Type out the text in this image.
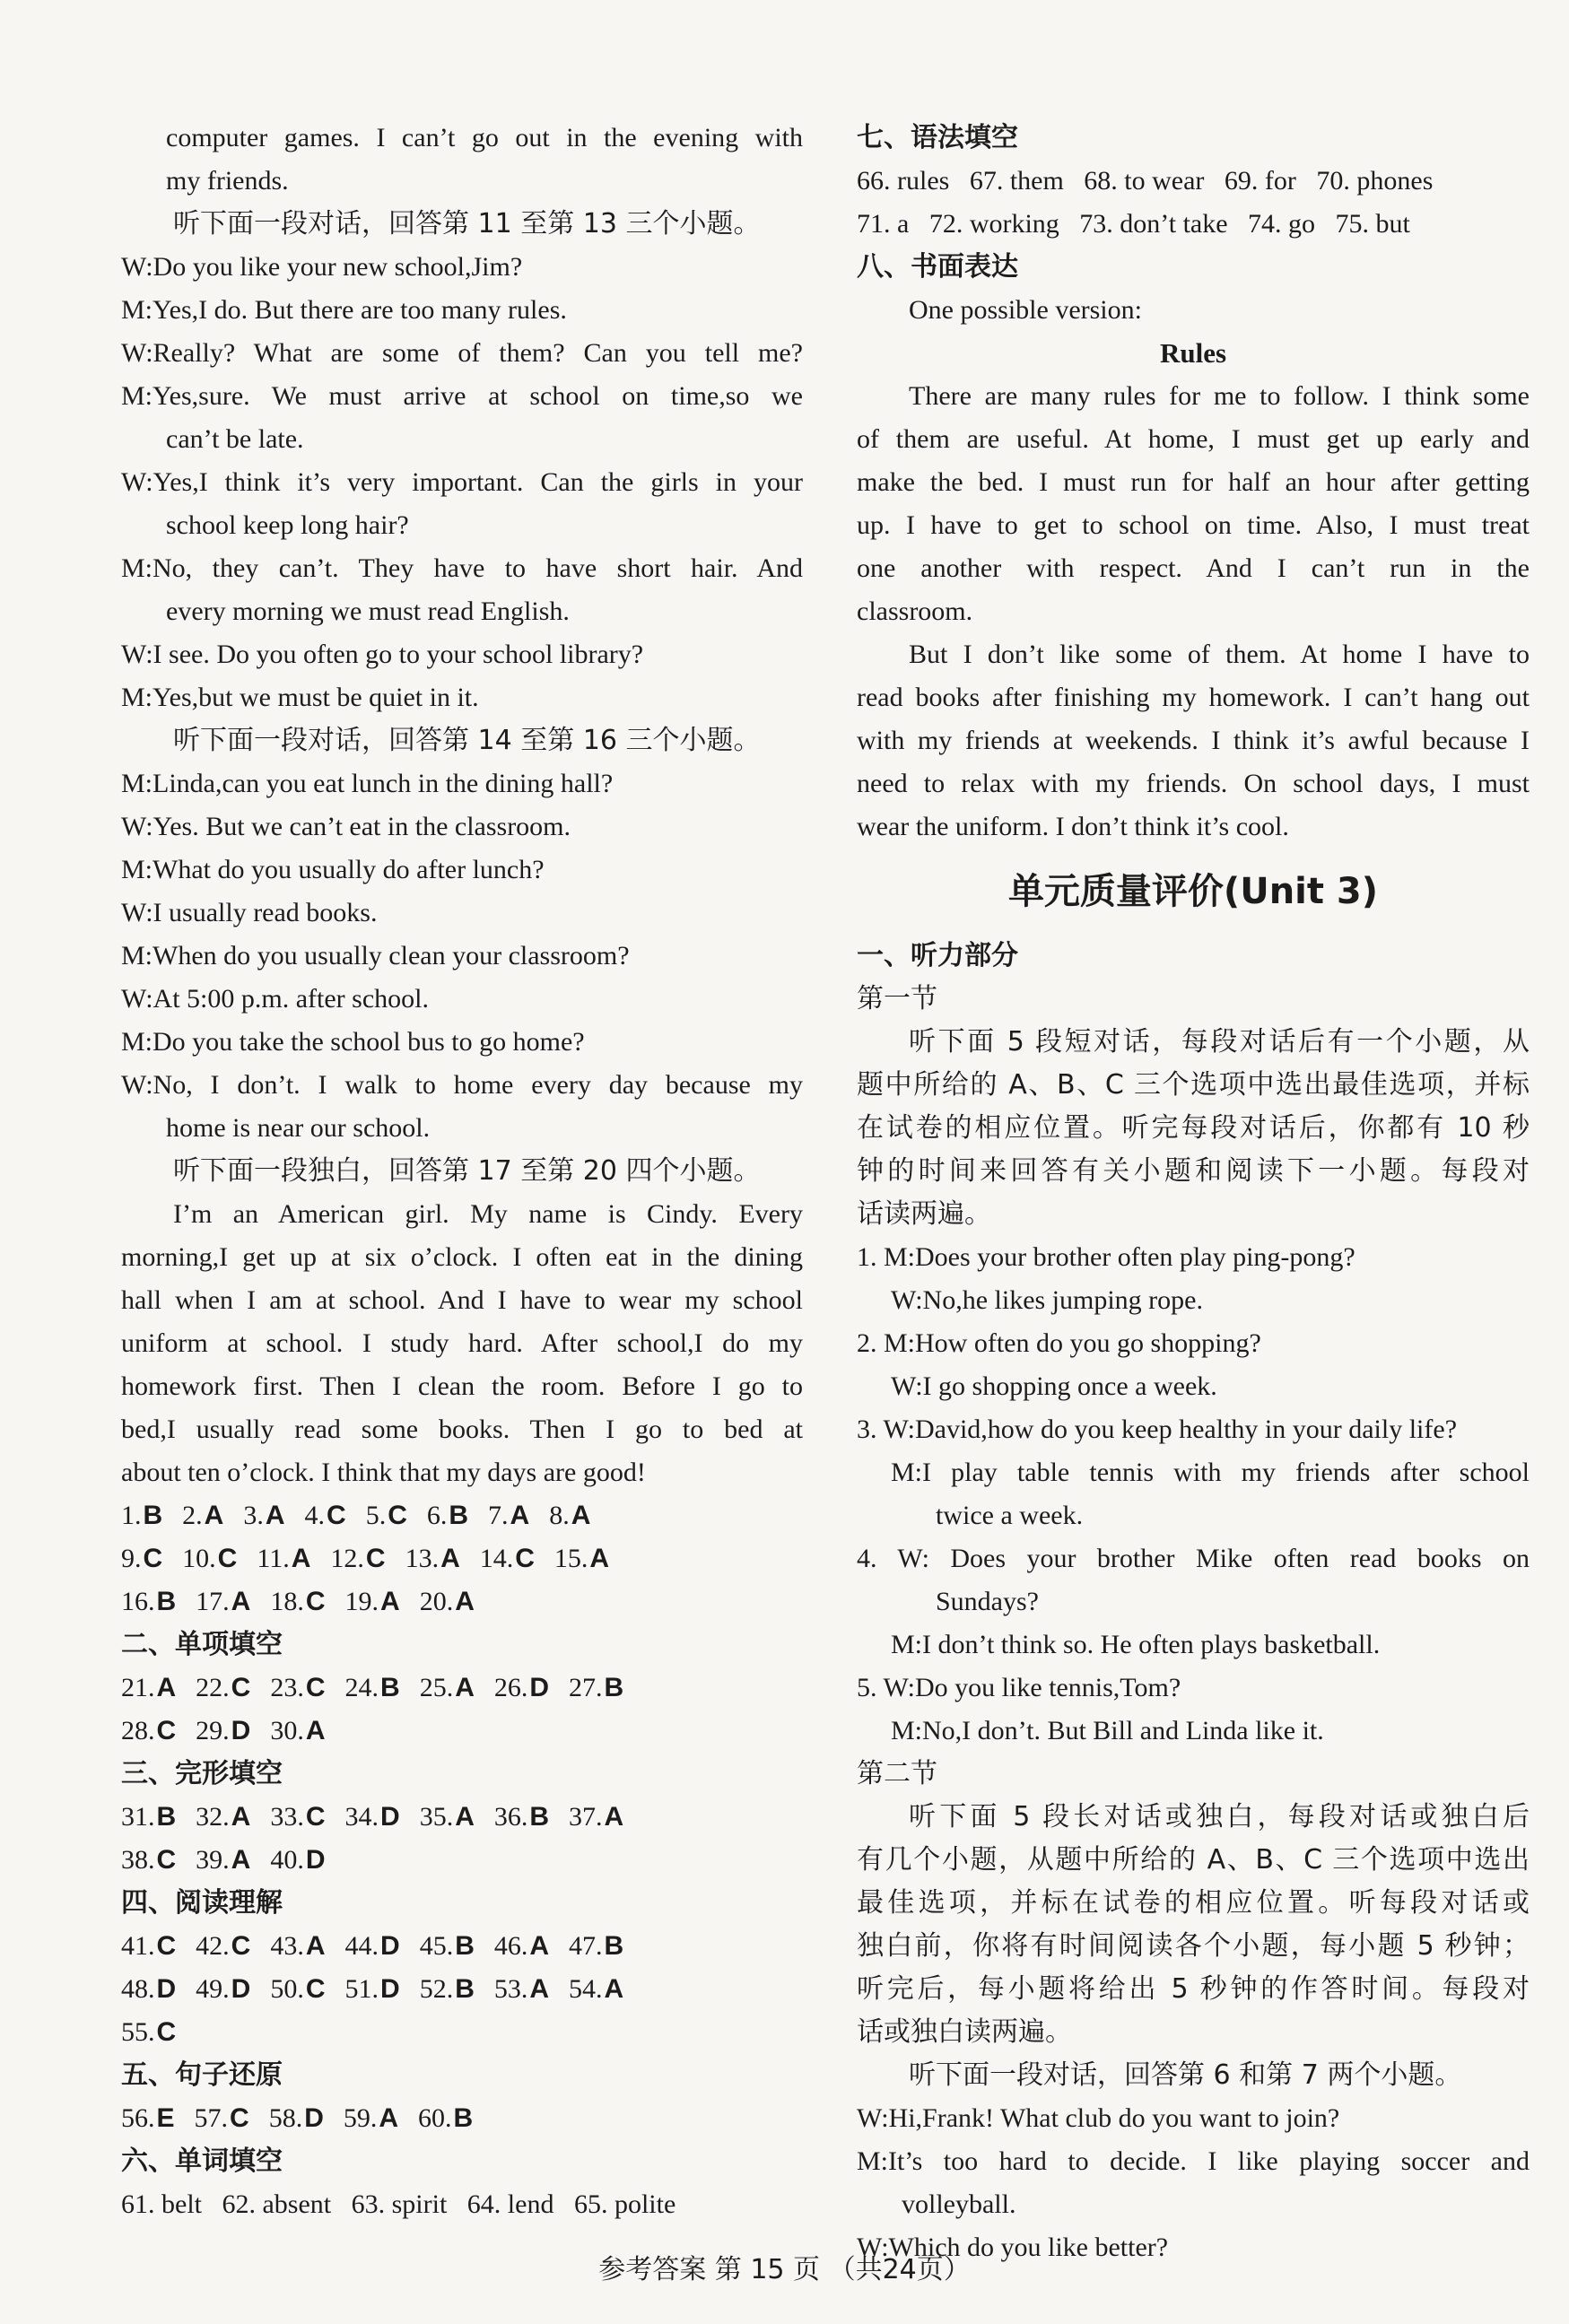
computer games. I can’t go out in the evening with
my friends.
听下面一段对话，回答第 11 至第 13 三个小题。
W:Do you like your new school,Jim?
M:Yes,I do. But there are too many rules.
W:Really? What are some of them? Can you tell me?
M:Yes,sure. We must arrive at school on time,so we
can’t be late.
W:Yes,I think it’s very important. Can the girls in your
school keep long hair?
M:No, they can’t. They have to have short hair. And
every morning we must read English.
W:I see. Do you often go to your school library?
M:Yes,but we must be quiet in it.
听下面一段对话，回答第 14 至第 16 三个小题。
M:Linda,can you eat lunch in the dining hall?
W:Yes. But we can’t eat in the classroom.
M:What do you usually do after lunch?
W:I usually read books.
M:When do you usually clean your classroom?
W:At 5:00 p.m. after school.
M:Do you take the school bus to go home?
W:No, I don’t. I walk to home every day because my
home is near our school.
听下面一段独白，回答第 17 至第 20 四个小题。
I’m an American girl. My name is Cindy. Every
morning,I get up at six o’clock. I often eat in the dining
hall when I am at school. And I have to wear my school
uniform at school. I study hard. After school,I do my
homework first. Then I clean the room. Before I go to
bed,I usually read some books. Then I go to bed at
about ten o’clock. I think that my days are good!
1.B 2.A 3.A 4.C 5.C 6.B 7.A 8.A
9.C 10.C 11.A 12.C 13.A 14.C 15.A
16.B 17.A 18.C 19.A 20.A
二、单项填空
21.A 22.C 23.C 24.B 25.A 26.D 27.B
28.C 29.D 30.A
三、完形填空
31.B 32.A 33.C 34.D 35.A 36.B 37.A
38.C 39.A 40.D
四、阅读理解
41.C 42.C 43.A 44.D 45.B 46.A 47.B
48.D 49.D 50.C 51.D 52.B 53.A 54.A
55.C
五、句子还原
56.E 57.C 58.D 59.A 60.B
六、单词填空
61. belt   62. absent   63. spirit   64. lend   65. polite
七、语法填空
66. rules   67. them   68. to wear   69. for   70. phones
71. a   72. working   73. don’t take   74. go   75. but
八、书面表达
One possible version:
Rules
There are many rules for me to follow. I think some
of them are useful. At home, I must get up early and
make the bed. I must run for half an hour after getting
up. I have to get to school on time. Also, I must treat
one another with respect. And I can’t run in the
classroom.
But I don’t like some of them. At home I have to
read books after finishing my homework. I can’t hang out
with my friends at weekends. I think it’s awful because I
need to relax with my friends. On school days, I must
wear the uniform. I don’t think it’s cool.
单元质量评价(Unit 3)
一、听力部分
第一节
听下面 5 段短对话，每段对话后有一个小题，从
题中所给的 A、B、C 三个选项中选出最佳选项，并标
在试卷的相应位置。听完每段对话后，你都有 10 秒
钟的时间来回答有关小题和阅读下一小题。每段对
话读两遍。
1. M:Does your brother often play ping-pong?
W:No,he likes jumping rope.
2. M:How often do you go shopping?
W:I go shopping once a week.
3. W:David,how do you keep healthy in your daily life?
M:I play table tennis with my friends after school
twice a week.
4. W: Does your brother Mike often read books on
Sundays?
M:I don’t think so. He often plays basketball.
5. W:Do you like tennis,Tom?
M:No,I don’t. But Bill and Linda like it.
第二节
听下面 5 段长对话或独白，每段对话或独白后
有几个小题，从题中所给的 A、B、C 三个选项中选出
最佳选项，并标在试卷的相应位置。听每段对话或
独白前，你将有时间阅读各个小题，每小题 5 秒钟；
听完后，每小题将给出 5 秒钟的作答时间。每段对
话或独白读两遍。
听下面一段对话，回答第 6 和第 7 两个小题。
W:Hi,Frank! What club do you want to join?
M:It’s too hard to decide. I like playing soccer and
volleyball.
W:Which do you like better?
参考答案 第 15 页 （共24页）
